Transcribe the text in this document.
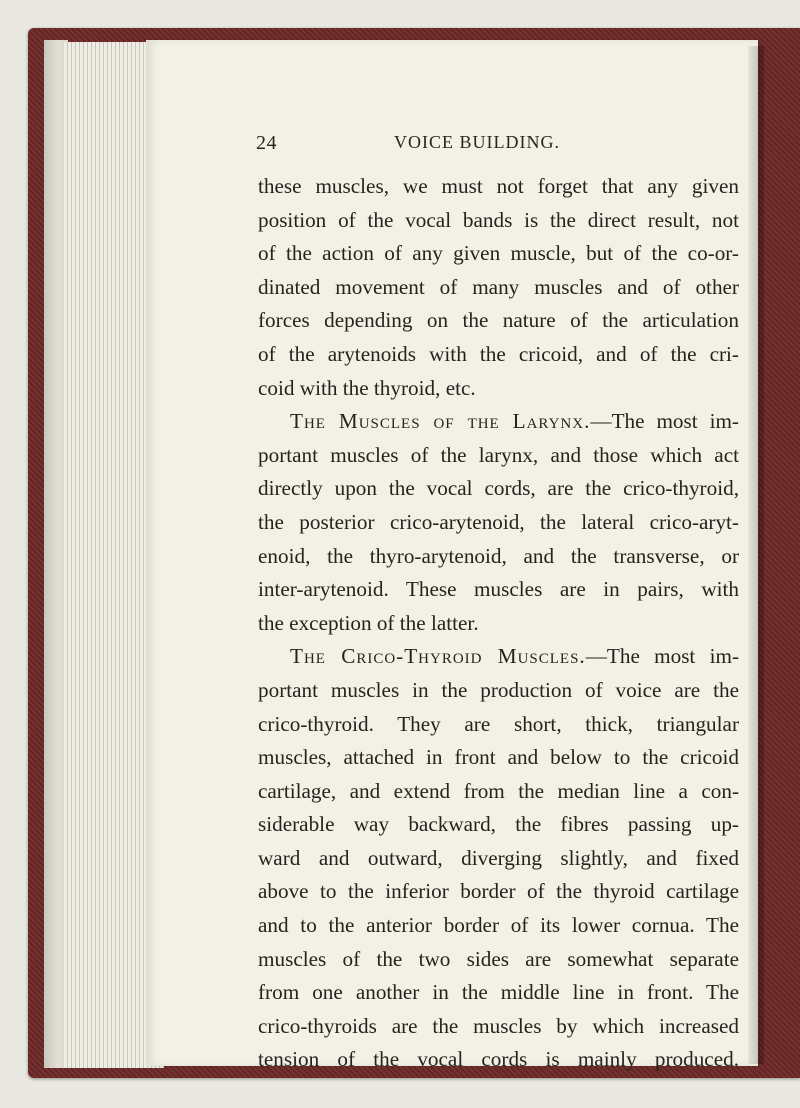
24	VOICE BUILDING.
these muscles, we must not forget that any given
position of the vocal bands is the direct result, not
of the action of any given muscle, but of the co-or-
dinated movement of many muscles and of other
forces depending on the nature of the articulation
of the arytenoids with the cricoid, and of the cri-
coid with the thyroid, etc.
The Muscles of the Larynx.—The most im-
portant muscles of the larynx, and those which act
directly upon the vocal cords, are the crico-thyroid,
the posterior crico-arytenoid, the lateral crico-aryt-
enoid, the thyro-arytenoid, and the transverse, or
inter-arytenoid. These muscles are in pairs, with
the exception of the latter.
The Crico-Thyroid Muscles.—The most im-
portant muscles in the production of voice are the
crico-thyroid. They are short, thick, triangular
muscles, attached in front and below to the cricoid
cartilage, and extend from the median line a con-
siderable way backward, the fibres passing up-
ward and outward, diverging slightly, and fixed
above to the inferior border of the thyroid cartilage
and to the anterior border of its lower cornua. The
muscles of the two sides are somewhat separate
from one another in the middle line in front. The
crico-thyroids are the muscles by which increased
tension of the vocal cords is mainly produced.
